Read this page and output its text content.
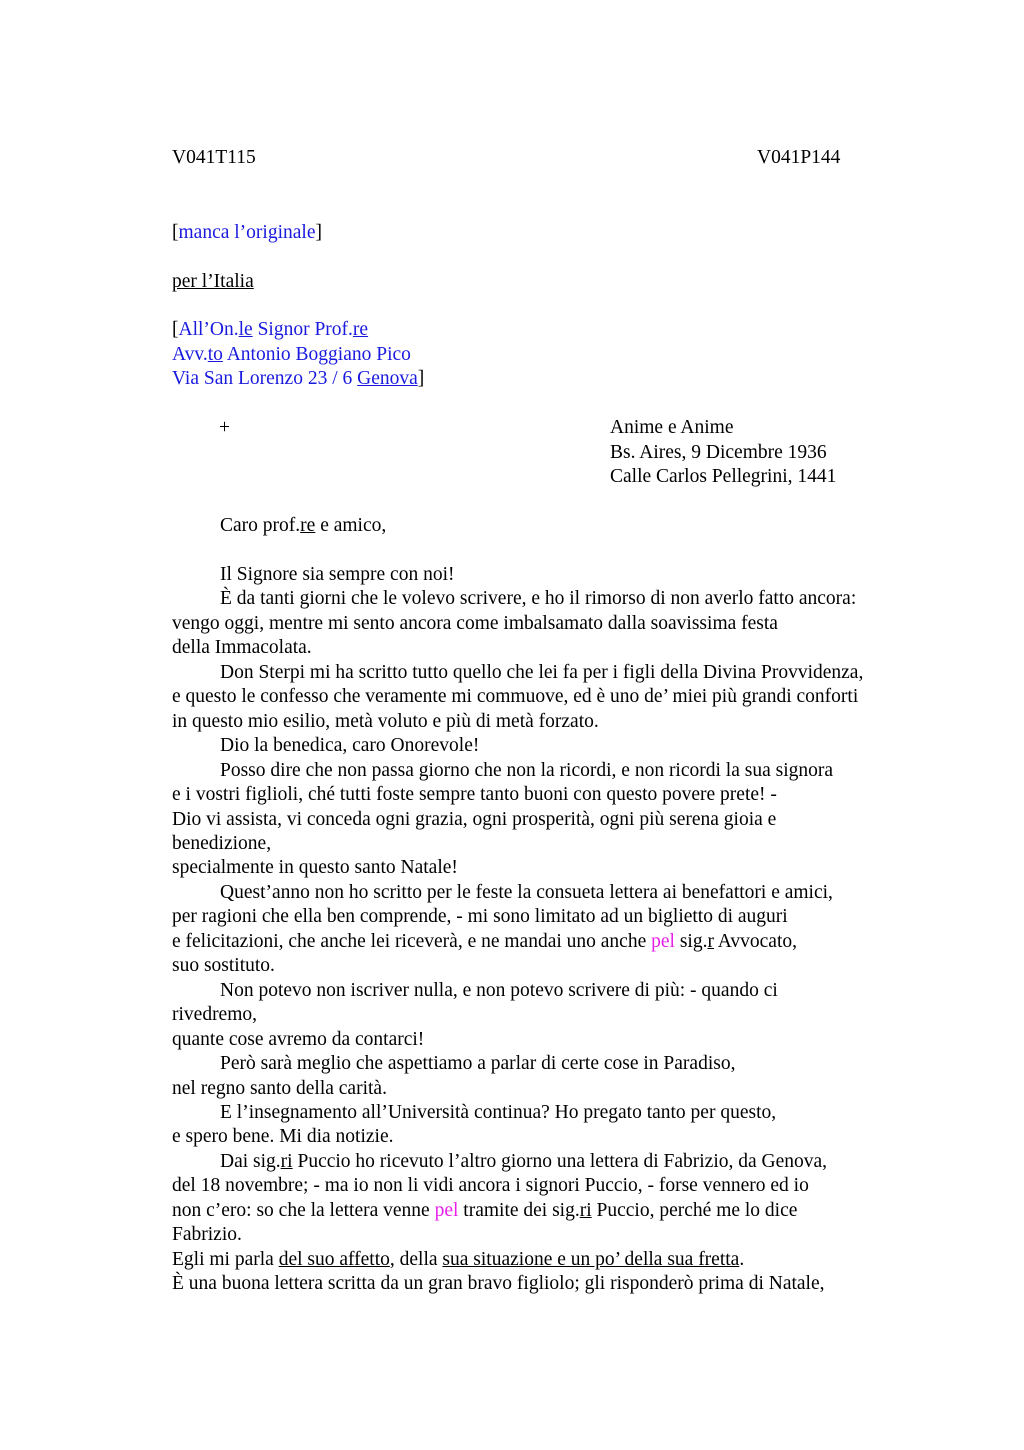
V041T115	V041P144
[manca l’originale]
per l’Italia
[All’On.le Signor Prof.re
Avv.to Antonio Boggiano Pico
Via San Lorenzo 23 / 6 Genova]
+	Anime e Anime
Bs. Aires, 9 Dicembre 1936
Calle Carlos Pellegrini, 1441
Caro prof.re e amico,
Il Signore sia sempre con noi!
È da tanti giorni che le volevo scrivere, e ho il rimorso di non averlo fatto ancora:
vengo oggi, mentre mi sento ancora come imbalsamato dalla soavissima festa
della Immacolata.
Don Sterpi mi ha scritto tutto quello che lei fa per i figli della Divina Provvidenza,
e questo le confesso che veramente mi commuove, ed è uno de’ miei più grandi conforti
in questo mio esilio, metà voluto e più di metà forzato.
Dio la benedica, caro Onorevole!
Posso dire che non passa giorno che non la ricordi, e non ricordi la sua signora
e i vostri figlioli, ché tutti foste sempre tanto buoni con questo povere prete! -
Dio vi assista, vi conceda ogni grazia, ogni prosperità, ogni più serena gioia e
benedizione,
specialmente in questo santo Natale!
Quest’anno non ho scritto per le feste la consueta lettera ai benefattori e amici,
per ragioni che ella ben comprende, - mi sono limitato ad un biglietto di auguri
e felicitazioni, che anche lei riceverà, e ne mandai uno anche pel sig.r Avvocato,
suo sostituto.
Non potevo non iscriver nulla, e non potevo scrivere di più: - quando ci
rivedremo,
quante cose avremo da contarci!
Però sarà meglio che aspettiamo a parlar di certe cose in Paradiso,
nel regno santo della carità.
E l’insegnamento all’Università continua? Ho pregato tanto per questo,
e spero bene. Mi dia notizie.
Dai sig.ri Puccio ho ricevuto l’altro giorno una lettera di Fabrizio, da Genova,
del 18 novembre; - ma io non li vidi ancora i signori Puccio, - forse vennero ed io
non c’ero: so che la lettera venne pel tramite dei sig.ri Puccio, perché me lo dice
Fabrizio.
Egli mi parla del suo affetto, della sua situazione e un po’ della sua fretta.
È una buona lettera scritta da un gran bravo figliolo; gli risponderò prima di Natale,
